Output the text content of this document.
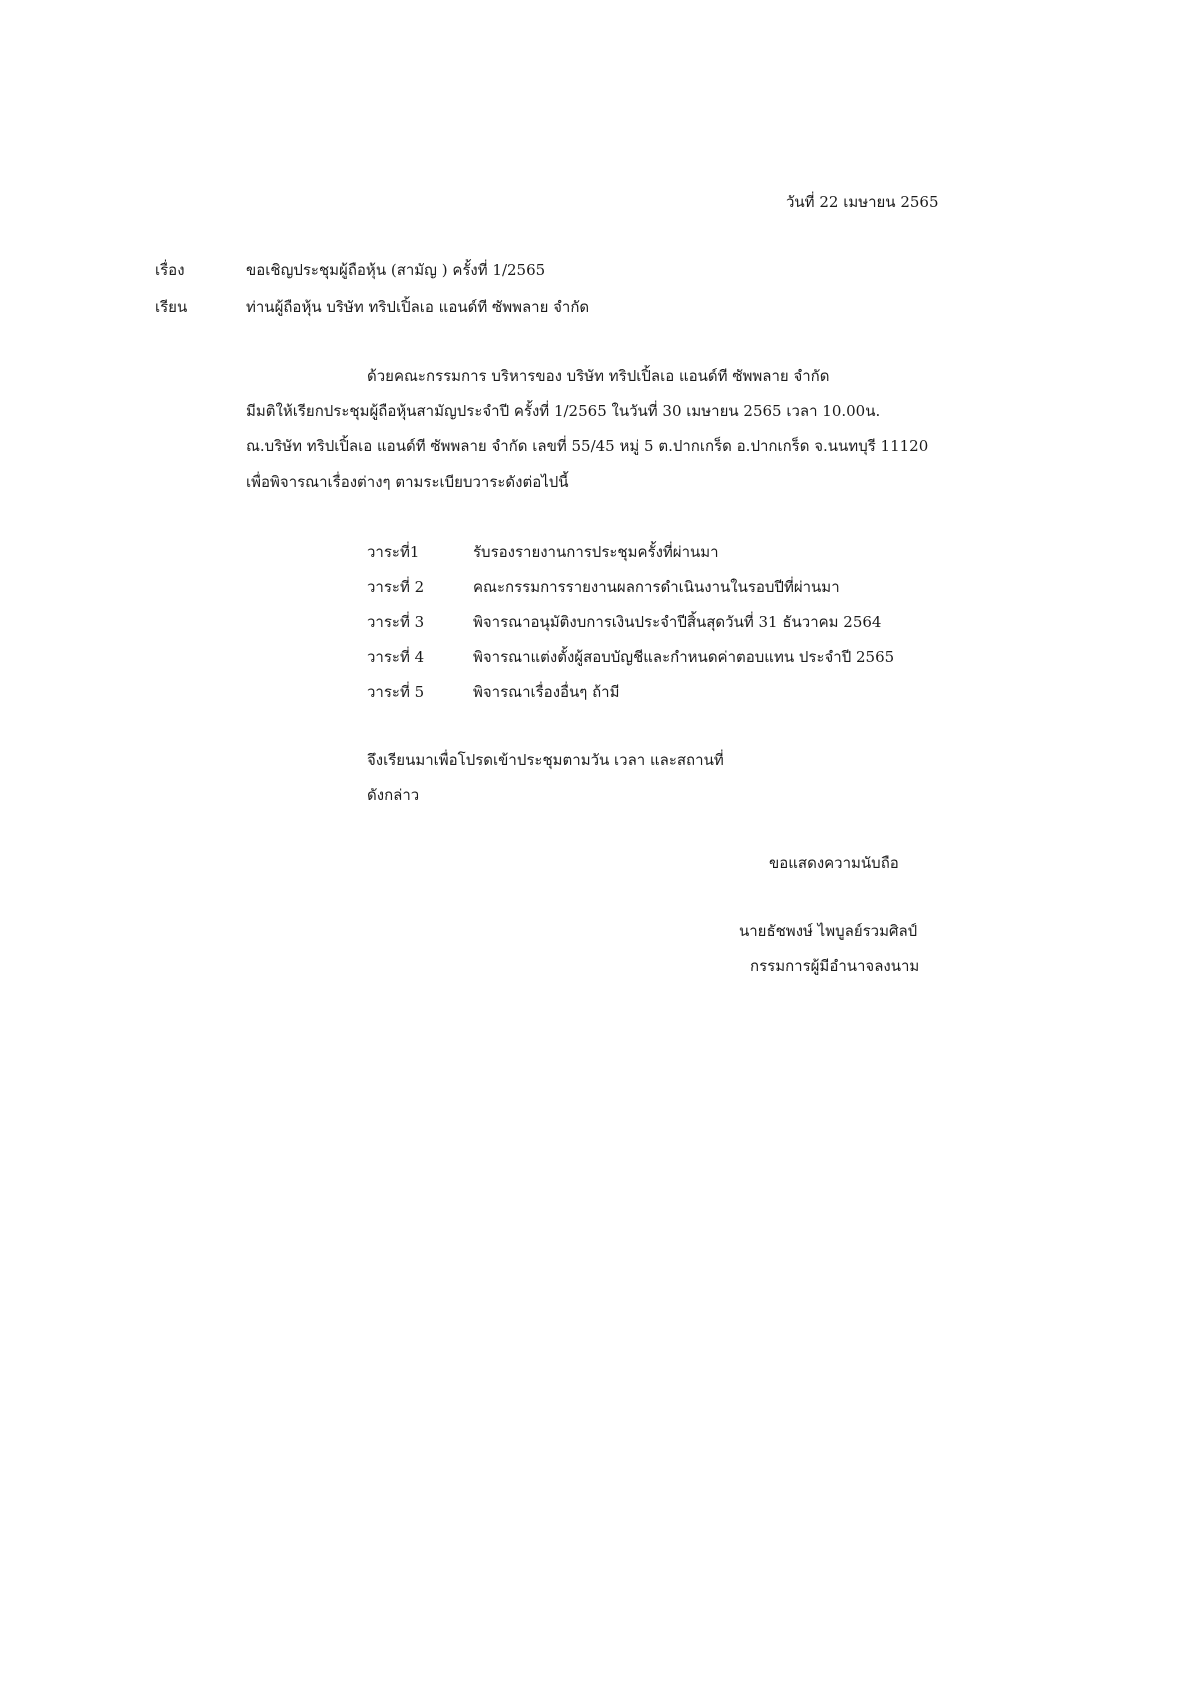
วันที่ 22 เมษายน 2565
เรื่อง	ขอเชิญประชุมผู้ถือหุ้น (สามัญ ) ครั้งที่ 1/2565
เรียน	ท่านผู้ถือหุ้น บริษัท ทริปเปิ้ลเอ แอนด์ที ซัพพลาย จำกัด
ด้วยคณะกรรมการ บริหารของ บริษัท ทริปเปิ้ลเอ แอนด์ที ซัพพลาย จำกัด
มีมติให้เรียกประชุมผู้ถือหุ้นสามัญประจำปี ครั้งที่ 1/2565 ในวันที่ 30 เมษายน 2565 เวลา 10.00น.
ณ.บริษัท ทริปเปิ้ลเอ แอนด์ที ซัพพลาย จำกัด เลขที่ 55/45 หมู่ 5 ต.ปากเกร็ด อ.ปากเกร็ด จ.นนทบุรี 11120
เพื่อพิจารณาเรื่องต่างๆ ตามระเบียบวาระดังต่อไปนี้
วาระที่1	รับรองรายงานการประชุมครั้งที่ผ่านมา
วาระที่ 2	คณะกรรมการรายงานผลการดำเนินงานในรอบปีที่ผ่านมา
วาระที่ 3	พิจารณาอนุมัติงบการเงินประจำปีสิ้นสุดวันที่ 31 ธันวาคม 2564
วาระที่ 4	พิจารณาแต่งตั้งผู้สอบบัญชีและกำหนดค่าตอบแทน ประจำปี 2565
วาระที่ 5	พิจารณาเรื่องอื่นๆ ถ้ามี
จึงเรียนมาเพื่อโปรดเข้าประชุมตามวัน เวลา และสถานที่
ดังกล่าว
ขอแสดงความนับถือ
นายธัชพงษ์ ไพบูลย์รวมศิลป์
กรรมการผู้มีอำนาจลงนาม
